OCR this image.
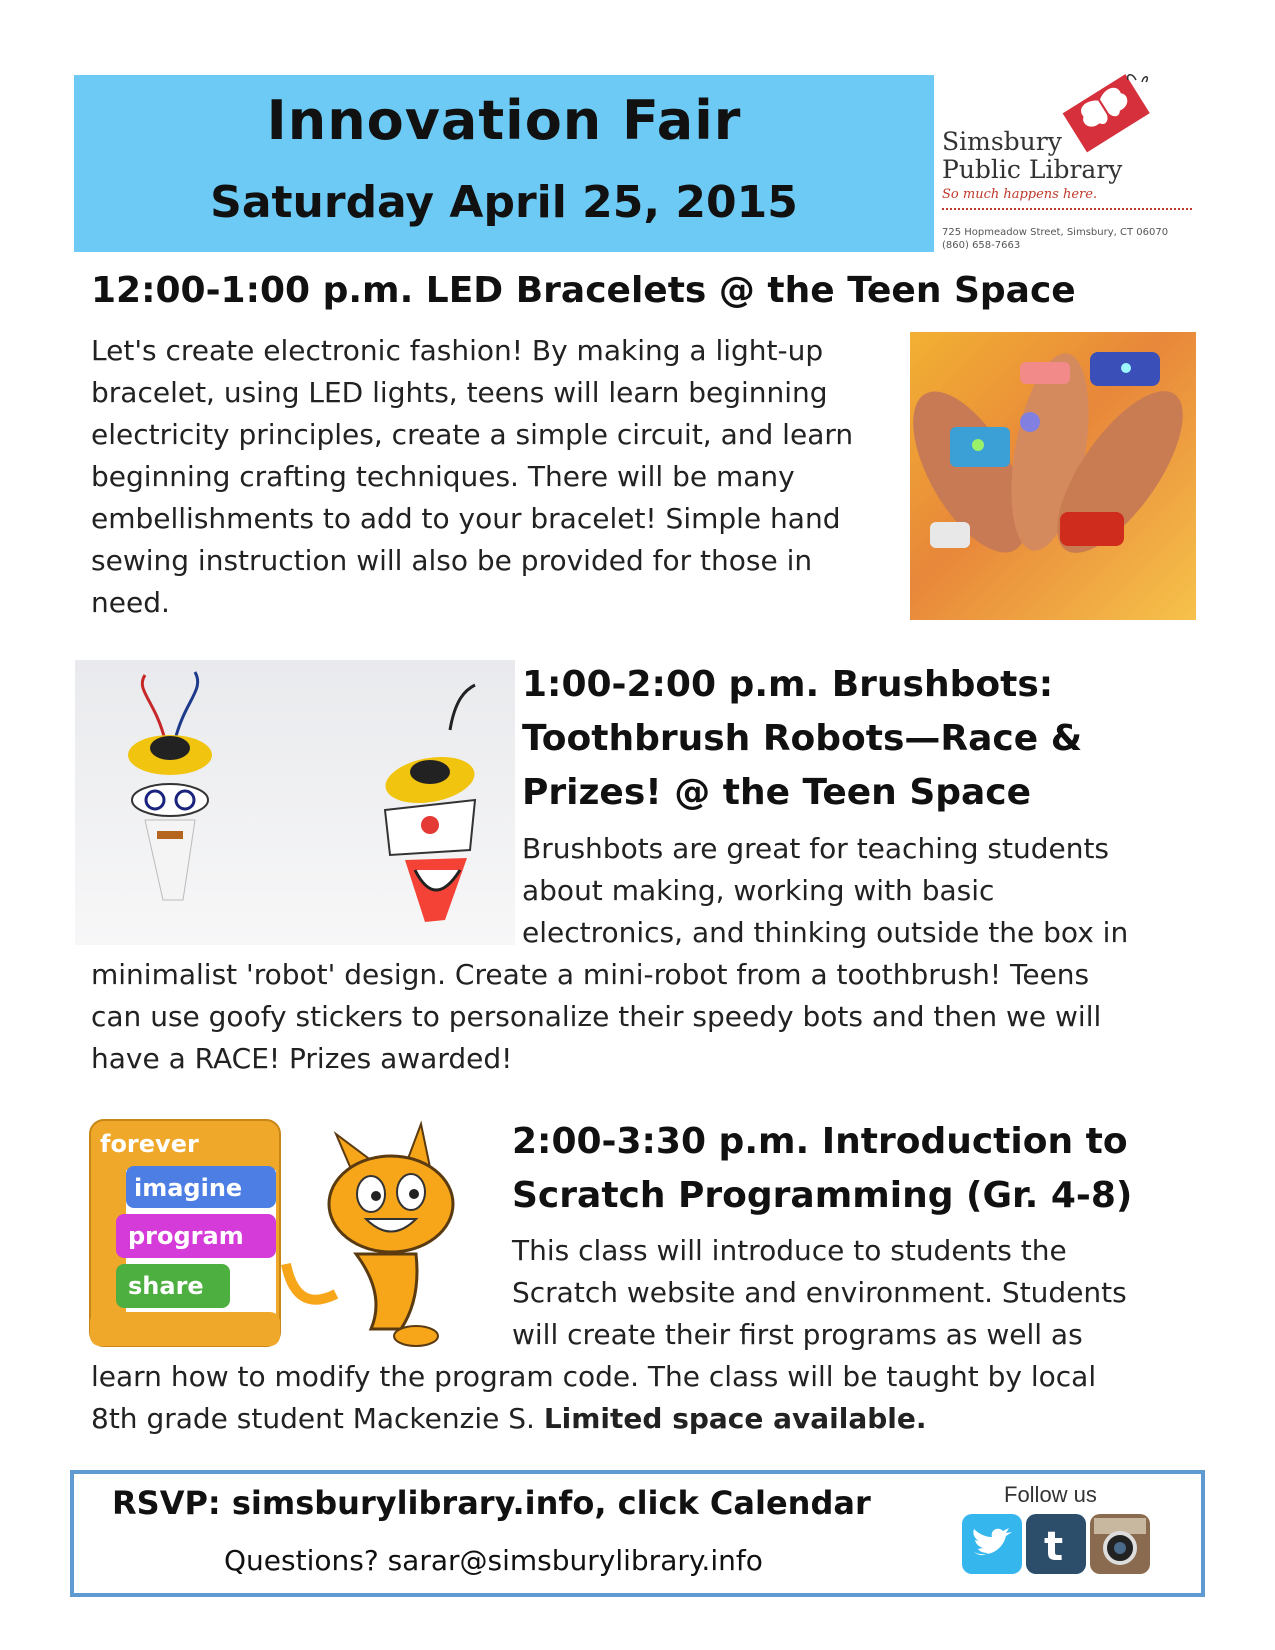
Innovation Fair
Saturday April 25, 2015
Simsbury
Public Library
So much happens here.
725 Hopmeadow Street, Simsbury, CT 06070
(860) 658-7663
12:00-1:00 p.m. LED Bracelets @ the Teen Space
Let's create electronic fashion! By making a light-up
bracelet, using LED lights, teens will learn beginning
electricity principles, create a simple circuit, and learn
beginning crafting techniques. There will be many
embellishments to add to your bracelet! Simple hand
sewing instruction will also be provided for those in
need.
1:00-2:00 p.m. Brushbots:
Toothbrush Robots—Race &
Prizes! @ the Teen Space
Brushbots are great for teaching students
about making, working with basic
electronics, and thinking outside the box in
minimalist 'robot' design. Create a mini-robot from a toothbrush! Teens
can use goofy stickers to personalize their speedy bots and then we will
have a RACE! Prizes awarded!
forever
imagine
program
share
2:00-3:30 p.m. Introduction to
Scratch Programming (Gr. 4-8)
This class will introduce to students the
Scratch website and environment. Students
will create their first programs as well as
learn how to modify the program code. The class will be taught by local
8th grade student Mackenzie S. Limited space available.
RSVP: simsburylibrary.info, click Calendar
Questions? sarar@simsburylibrary.info
Follow us
t
